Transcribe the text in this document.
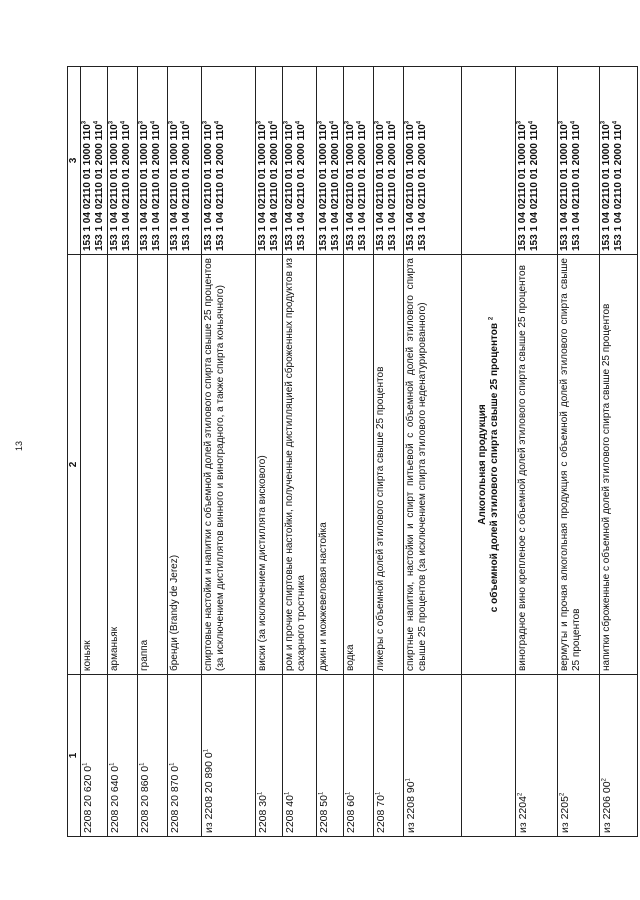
13
1	2	3
2208 20 620 $0^1$	коньяк	153 1 04 02110 01 1000 $110^3$
153 1 04 02110 01 2000 $110^4$

2208 20 640 $0^1$	арманьяк	153 1 04 02110 01 1000 $110^3$
153 1 04 02110 01 2000 $110^4$

2208 20 860 $0^1$	граппа	153 1 04 02110 01 1000 $110^3$
153 1 04 02110 01 2000 $110^4$

2208 20 870 $0^1$	бренди (Brandy de Jerez)	153 1 04 02110 01 1000 $110^3$
153 1 04 02110 01 2000 $110^4$

из 2208 20 890 $0^1$	спиртовые настойки и напитки с объемной долей этилового спирта свыше 25 процентов (за исключением дистиллятов винного и виноградного, а также спирта коньячного)	153 1 04 02110 01 1000 $110^3$
153 1 04 02110 01 2000 $110^4$

2208 $30^1$	виски (за исключением дистиллята вискового)	153 1 04 02110 01 1000 $110^3$
153 1 04 02110 01 2000 $110^4$

2208 $40^1$	ром и прочие спиртовые настойки, полученные дистилляцией сброженных продуктов из сахарного тростника	153 1 04 02110 01 1000 $110^3$
153 1 04 02110 01 2000 $110^4$

2208 $50^1$	джин и можжевеловая настойка	153 1 04 02110 01 1000 $110^3$
153 1 04 02110 01 2000 $110^4$

2208 $60^1$	водка	153 1 04 02110 01 1000 $110^3$
153 1 04 02110 01 2000 $110^4$

2208 $70^1$	ликеры с объемной долей этилового спирта свыше 25 процентов	153 1 04 02110 01 1000 $110^3$
153 1 04 02110 01 2000 $110^4$

из 2208 $90^1$	спиртные напитки, настойки и спирт питьевой с объемной долей этилового спирта свыше 25 процентов (за исключением спирта этилового неденатурированного)	153 1 04 02110 01 1000 $110^3$
153 1 04 02110 01 2000 $110^4$

	Алкогольная продукция с объемной долей этилового спирта свыше 25 процентов $^2$

из 2204$^2$	виноградное вино крепленое с объемной долей этилового спирта свыше 25 процентов	153 1 04 02110 01 1000 $110^3$
153 1 04 02110 01 2000 $110^4$

из 2205$^2$	вермуты и прочая алкогольная продукция с объемной долей этилового спирта свыше 25 процентов	153 1 04 02110 01 1000 $110^3$
153 1 04 02110 01 2000 $110^4$

из 2206 $00^2$	напитки сброженные с объемной долей этилового спирта свыше 25 процентов	153 1 04 02110 01 1000 $110^3$
153 1 04 02110 01 2000 $110^4$
